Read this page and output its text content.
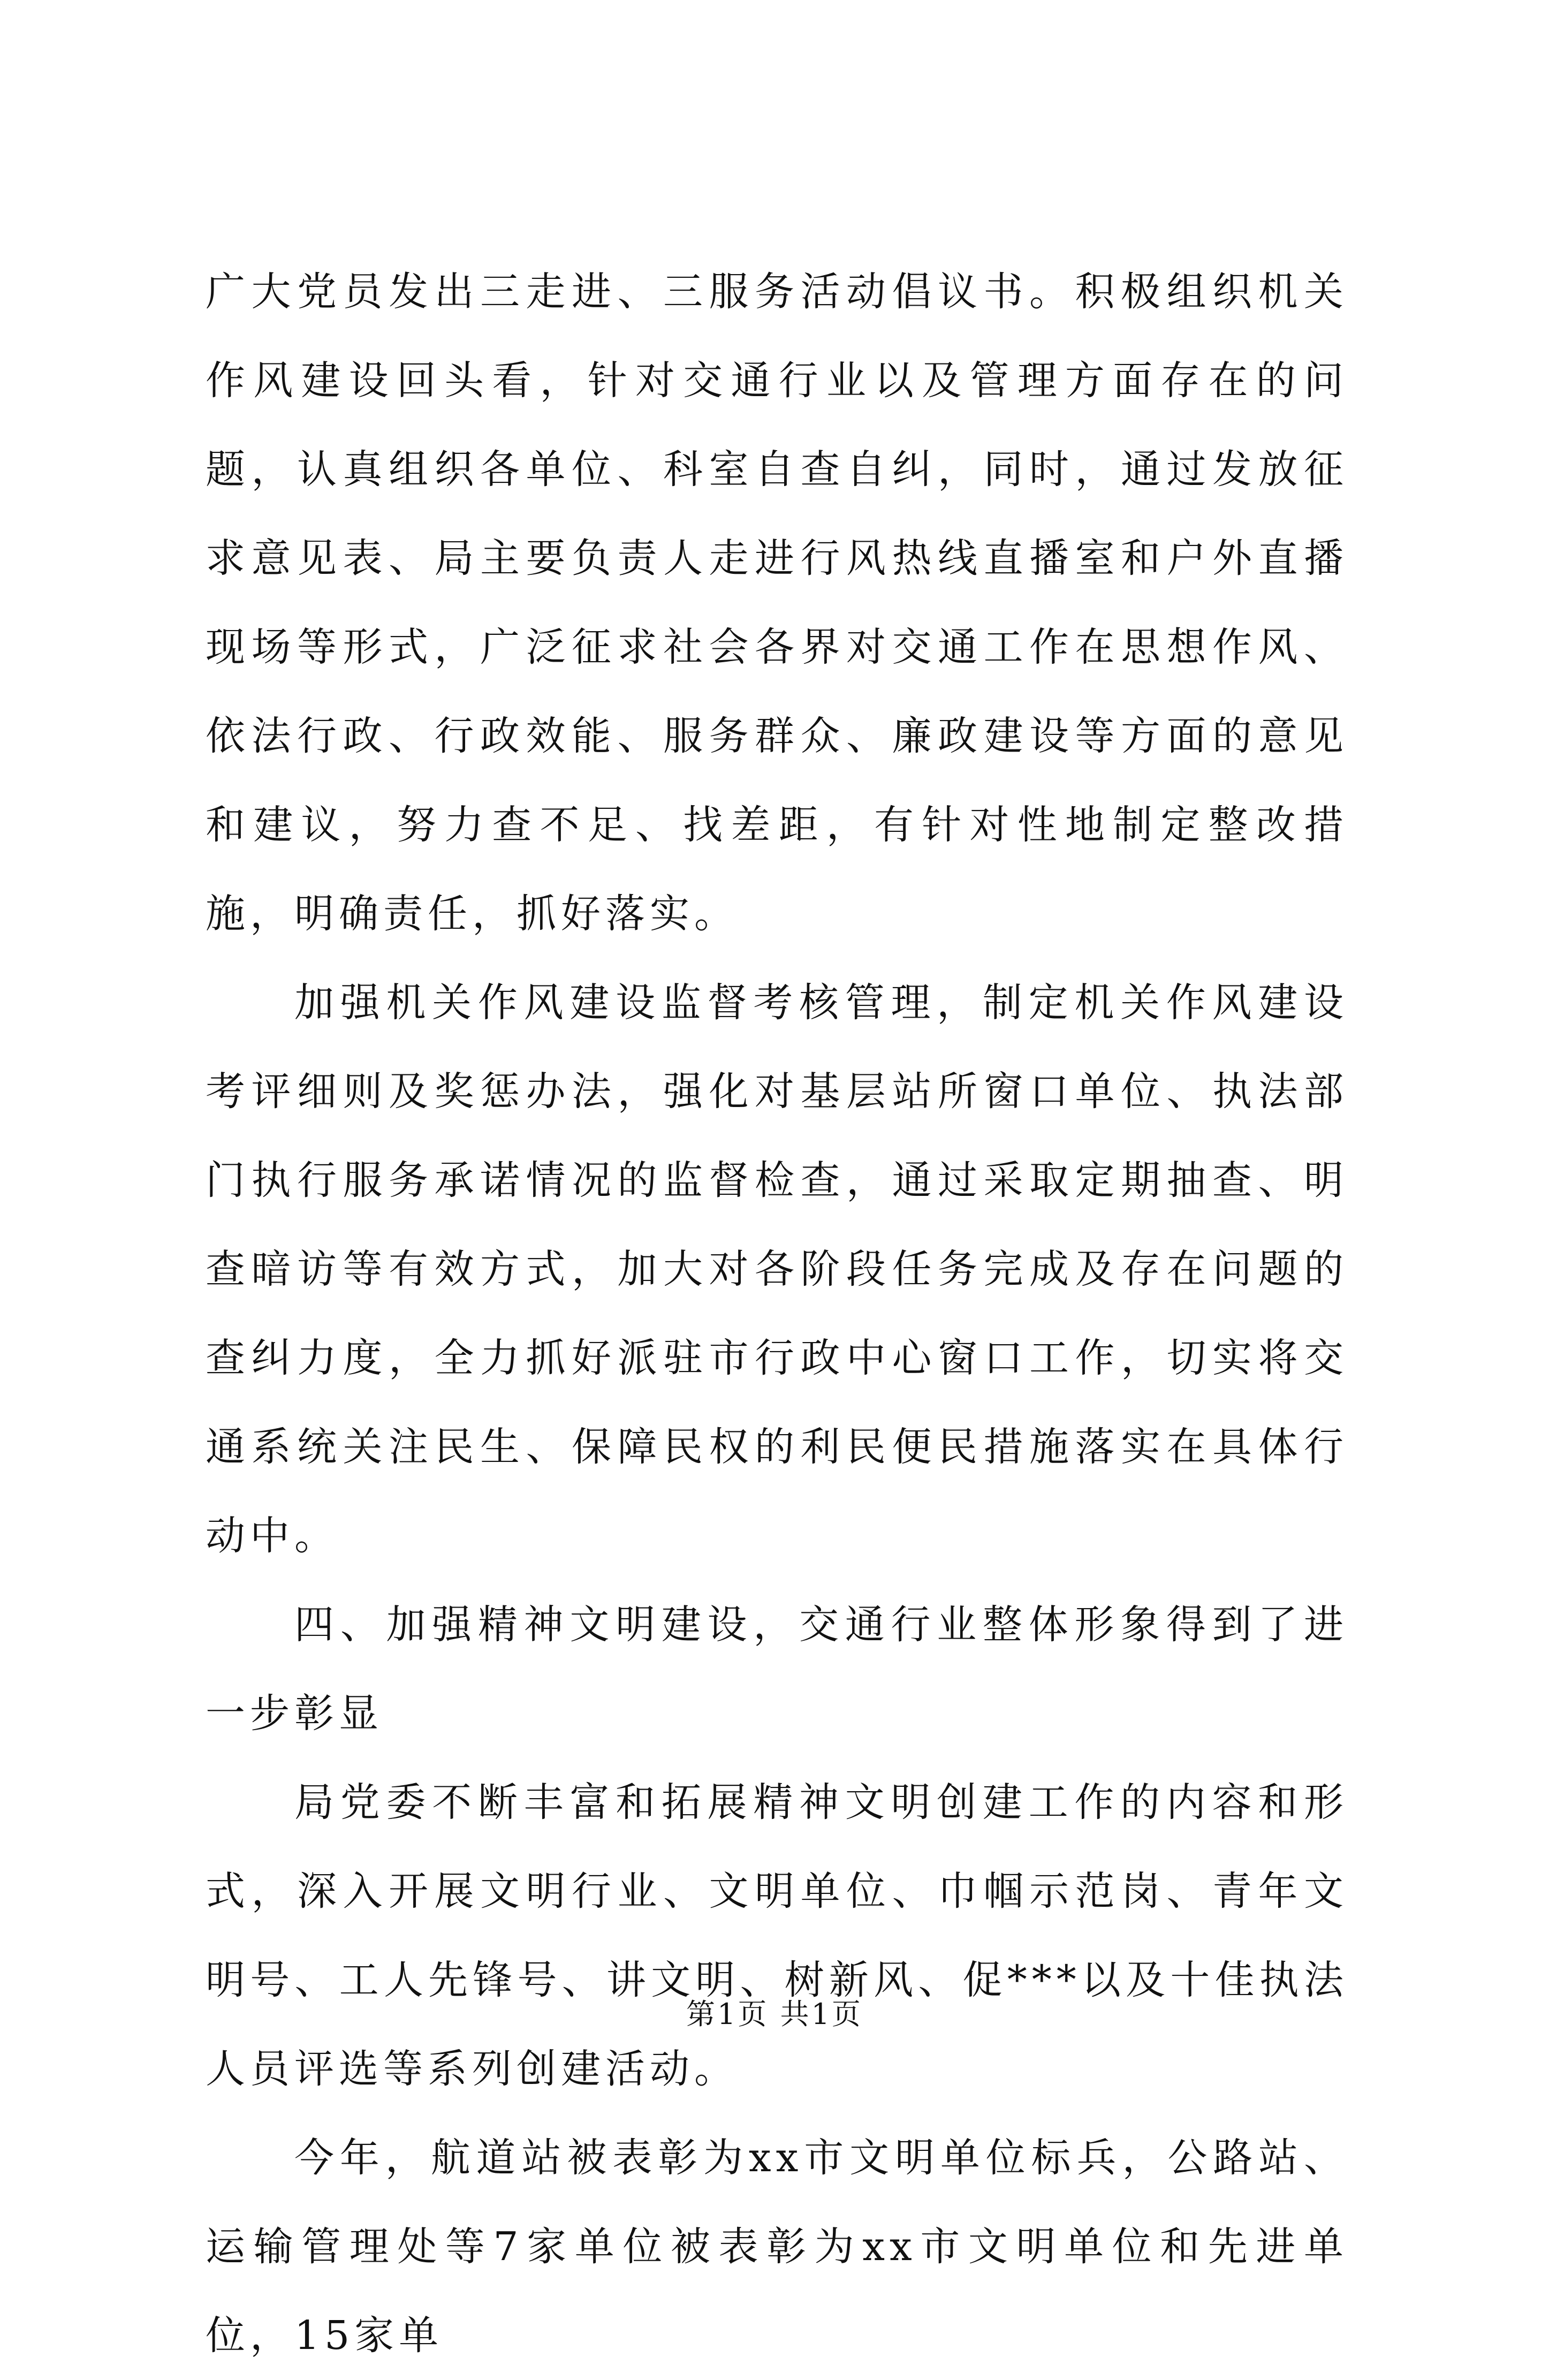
广大党员发出三走进、三服务活动倡议书。积极组织机关作风建设回头看，针对交通行业以及管理方面存在的问题，认真组织各单位、科室自查自纠，同时，通过发放征求意见表、局主要负责人走进行风热线直播室和户外直播现场等形式，广泛征求社会各界对交通工作在思想作风、依法行政、行政效能、服务群众、廉政建设等方面的意见和建议，努力查不足、找差距，有针对性地制定整改措施，明确责任，抓好落实。

加强机关作风建设监督考核管理，制定机关作风建设考评细则及奖惩办法，强化对基层站所窗口单位、执法部门执行服务承诺情况的监督检查，通过采取定期抽查、明查暗访等有效方式，加大对各阶段任务完成及存在问题的查纠力度，全力抓好派驻市行政中心窗口工作，切实将交通系统关注民生、保障民权的利民便民措施落实在具体行动中。

四、加强精神文明建设，交通行业整体形象得到了进一步彰显

局党委不断丰富和拓展精神文明创建工作的内容和形式，深入开展文明行业、文明单位、巾帼示范岗、青年文明号、工人先锋号、讲文明、树新风、促***以及十佳执法人员评选等系列创建活动。

今年，航道站被表彰为xx市文明单位标兵，公路站、运输管理处等7家单位被表彰为xx市文明单位和先进单位，15家单

第1页 共1页
